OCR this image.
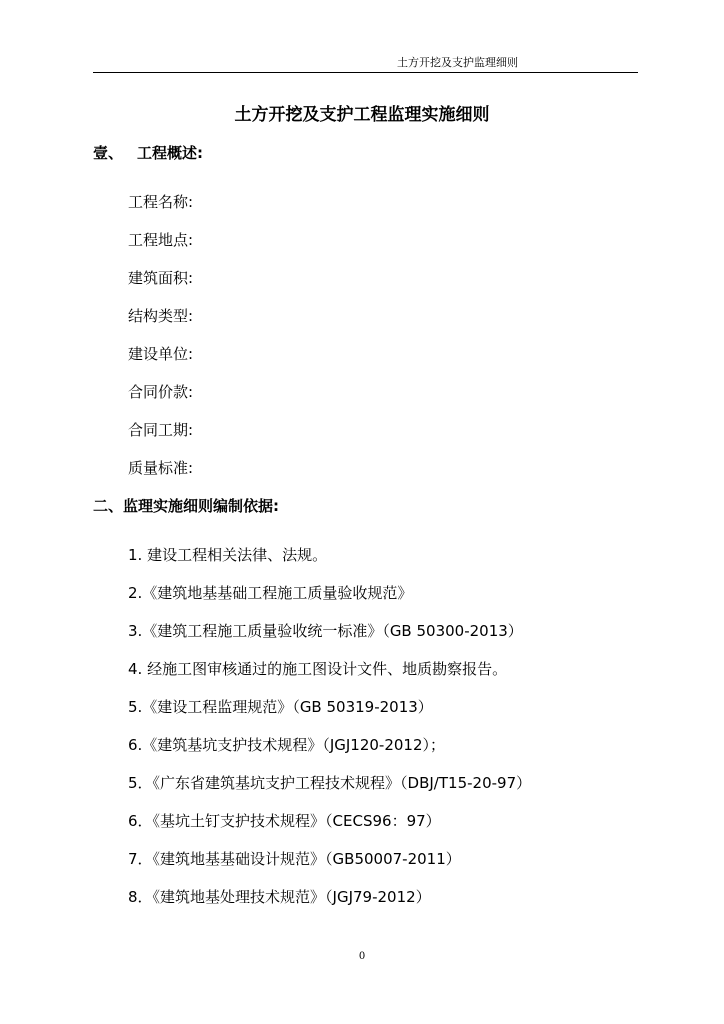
土方开挖及支护监理细则
土方开挖及支护工程监理实施细则
壹、 工程概述:
工程名称:
工程地点:
建筑面积:
结构类型:
建设单位:
合同价款:
合同工期:
质量标准:
二、监理实施细则编制依据:
1. 建设工程相关法律、法规。
2.《建筑地基基础工程施工质量验收规范》
3.《建筑工程施工质量验收统一标准》（GB 50300-2013）
4. 经施工图审核通过的施工图设计文件、地质勘察报告。
5.《建设工程监理规范》（GB 50319-2013）
6.《建筑基坑支护技术规程》（JGJ120-2012）；
5．《广东省建筑基坑支护工程技术规程》（DBJ/T15-20-97）
6．《基坑土钉支护技术规程》（CECS96：97）
7．《建筑地基基础设计规范》（GB50007-2011）
8．《建筑地基处理技术规范》（JGJ79-2012）
0
